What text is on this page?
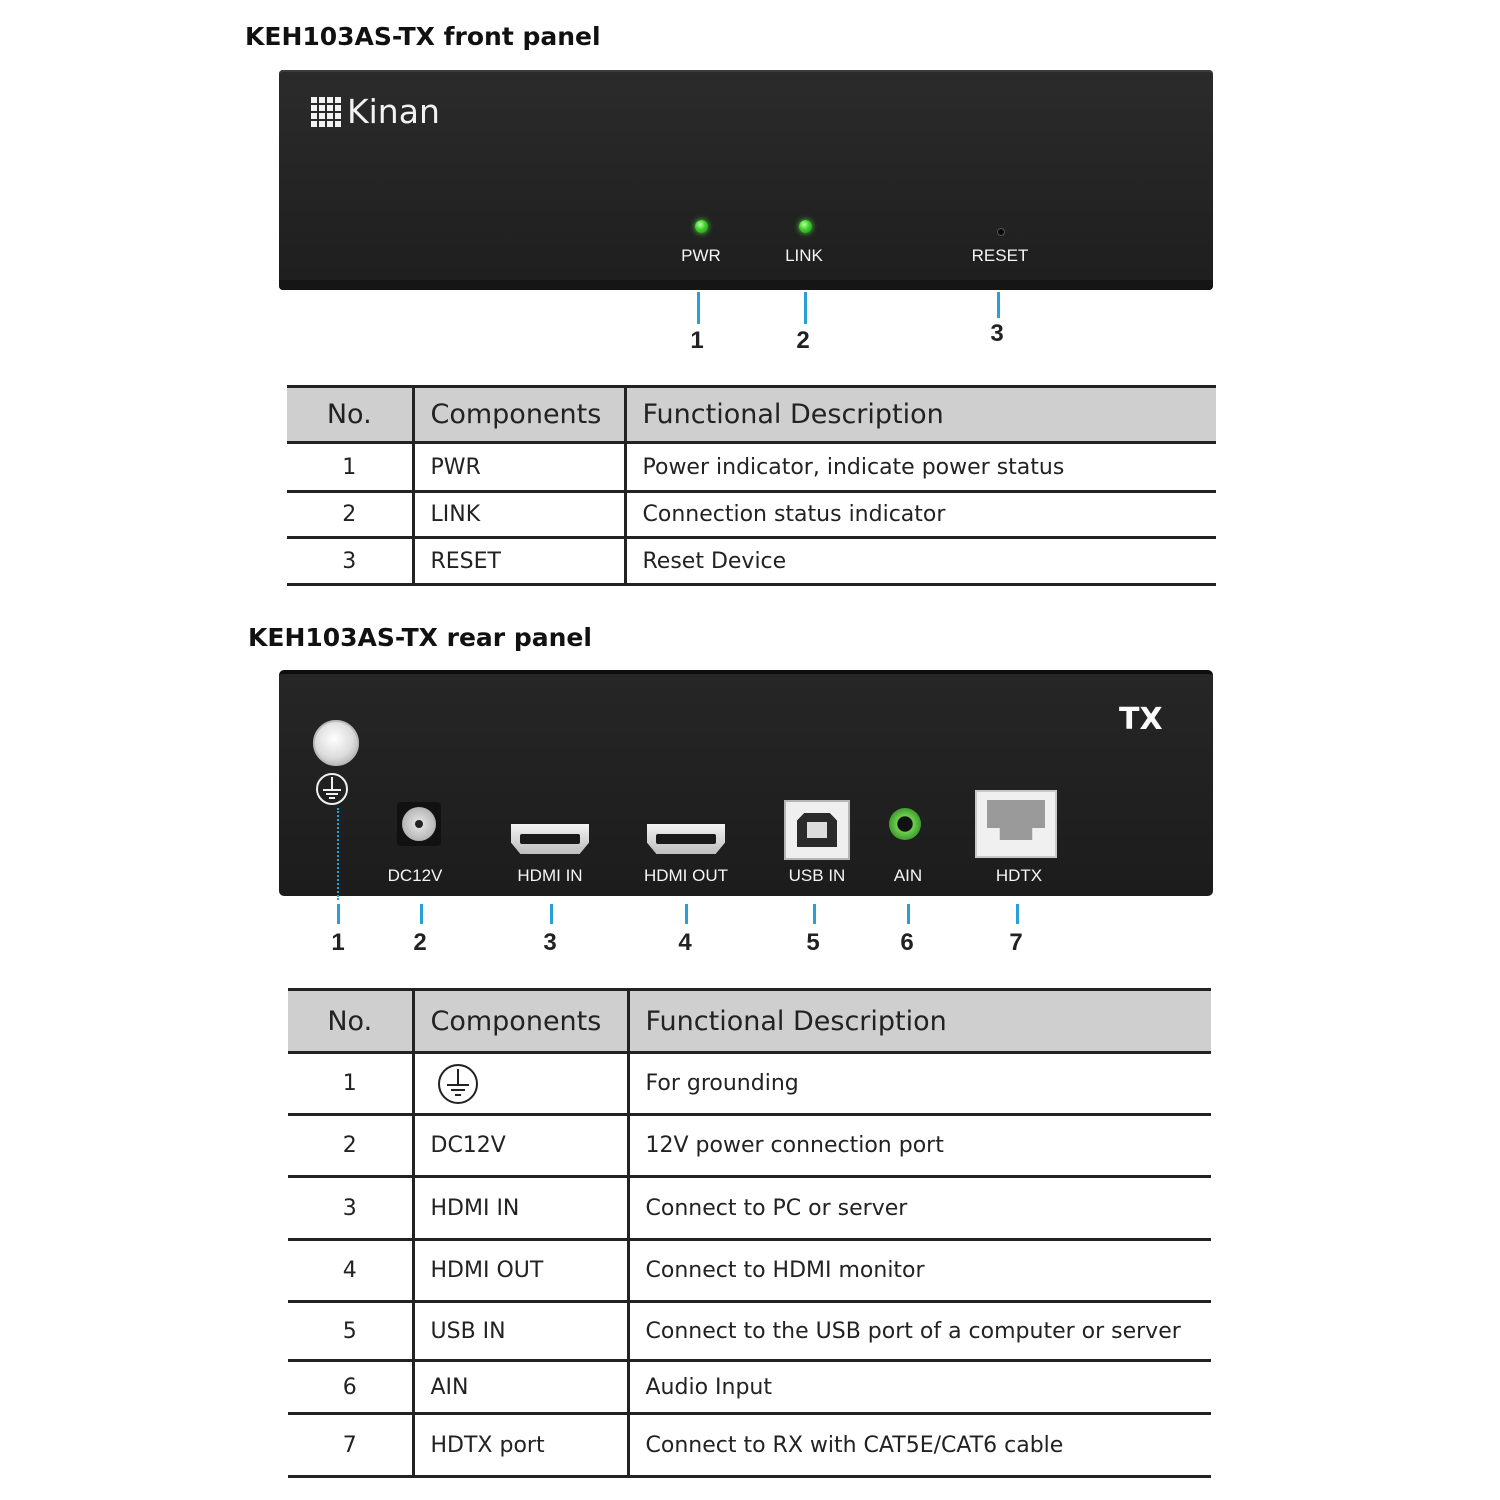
KEH103AS-TX front panel
Kinan
PWR	LINK	RESET
1	2	3
No.	Components	Functional Description
1	PWR	Power indicator, indicate power status
2	LINK	Connection status indicator
3	RESET	Reset Device
KEH103AS-TX rear panel
TX
DC12V	HDMI IN	HDMI OUT	USB IN	AIN	HDTX
1	2	3	4	5	6	7
No.	Components	Functional Description
1		For grounding
2	DC12V	12V power connection port
3	HDMI IN	Connect to PC or server
4	HDMI OUT	Connect to HDMI monitor
5	USB IN	Connect to the USB port of a computer or server
6	AIN	Audio Input
7	HDTX port	Connect to RX with CAT5E/CAT6 cable
